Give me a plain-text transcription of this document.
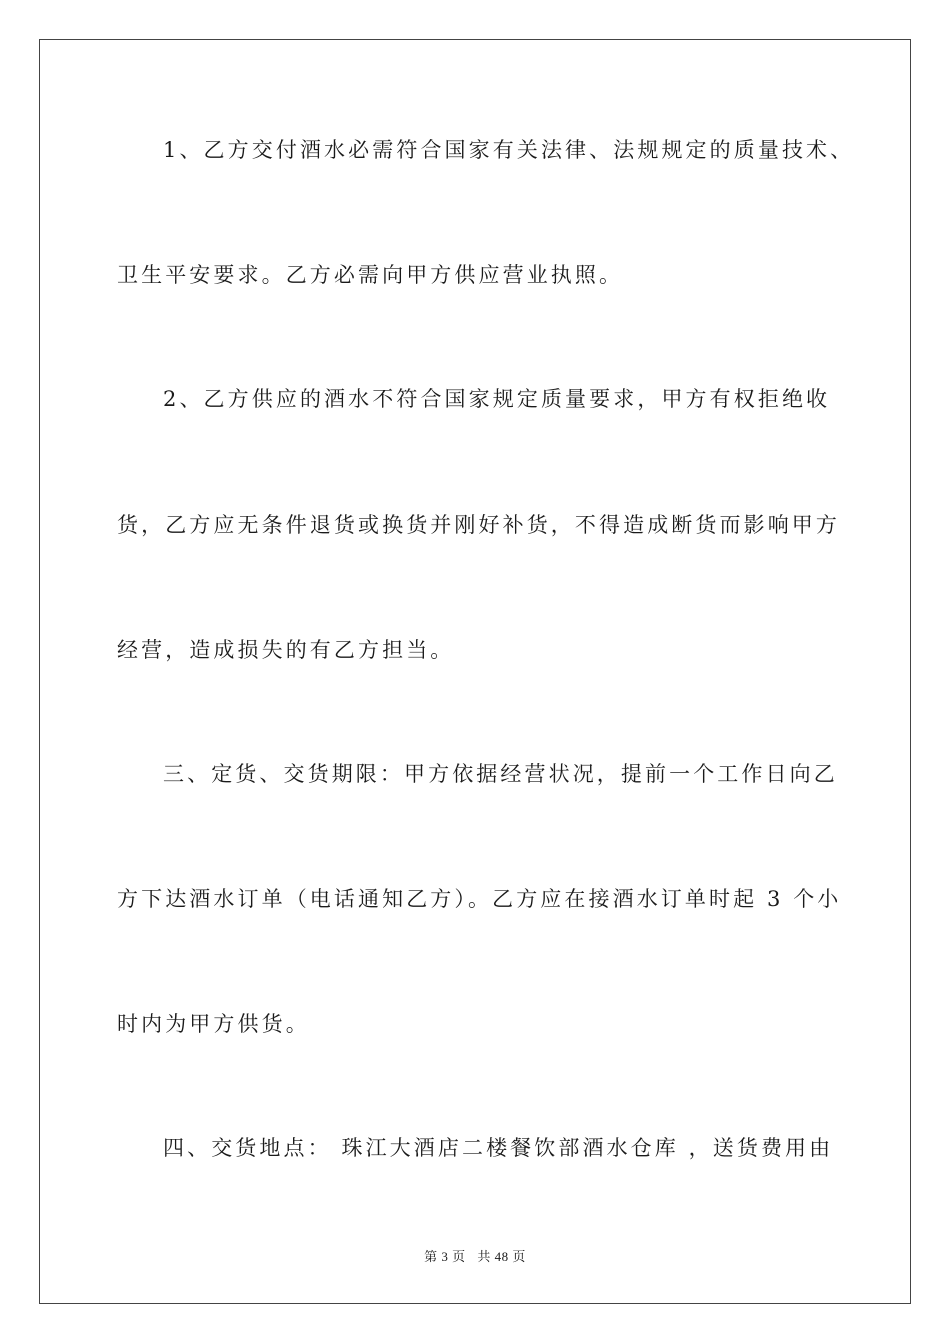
1、乙方交付酒水必需符合国家有关法律、法规规定的质量技术、
卫生平安要求。乙方必需向甲方供应营业执照。
2、乙方供应的酒水不符合国家规定质量要求，甲方有权拒绝收
货，乙方应无条件退货或换货并刚好补货，不得造成断货而影响甲方
经营，造成损失的有乙方担当。
三、定货、交货期限：甲方依据经营状况，提前一个工作日向乙
方下达酒水订单（电话通知乙方）。乙方应在接酒水订单时起 3 个小
时内为甲方供货。
四、交货地点： 珠江大酒店二楼餐饮部酒水仓库 ，送货费用由
第 3 页 共 48 页
